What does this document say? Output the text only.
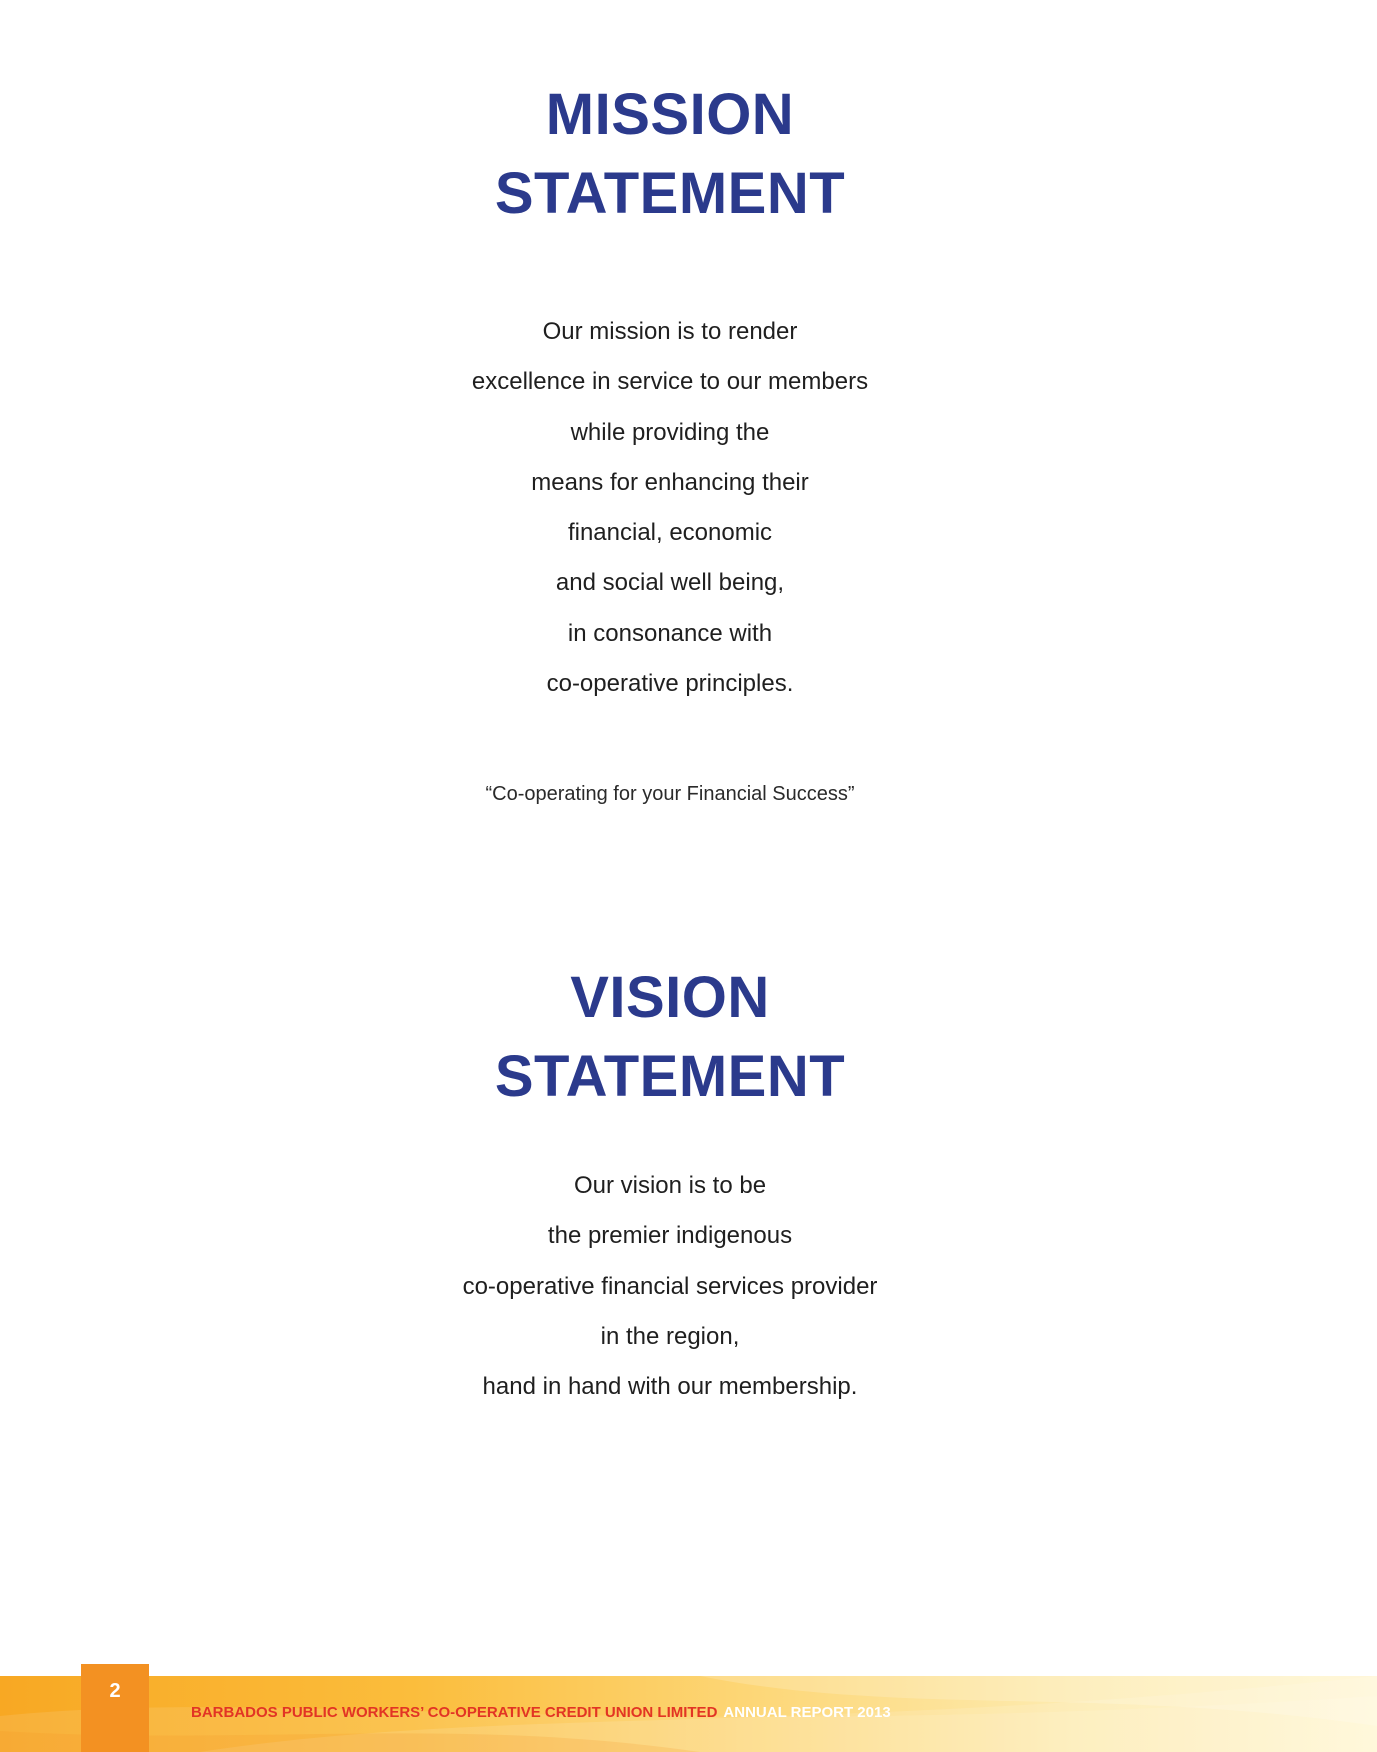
MISSION
STATEMENT
Our mission is to render
excellence in service to our members
while providing the
means for enhancing their
financial, economic
and social well being,
in consonance with
co-operative principles.

“Co-operating for your Financial Success”

VISION
STATEMENT
Our vision is to be
the premier indigenous
co-operative financial services provider
in the region,
hand in hand with our membership.
2
BARBADOS PUBLIC WORKERS’ CO-OPERATIVE CREDIT UNION LIMITED ANNUAL REPORT 2013
